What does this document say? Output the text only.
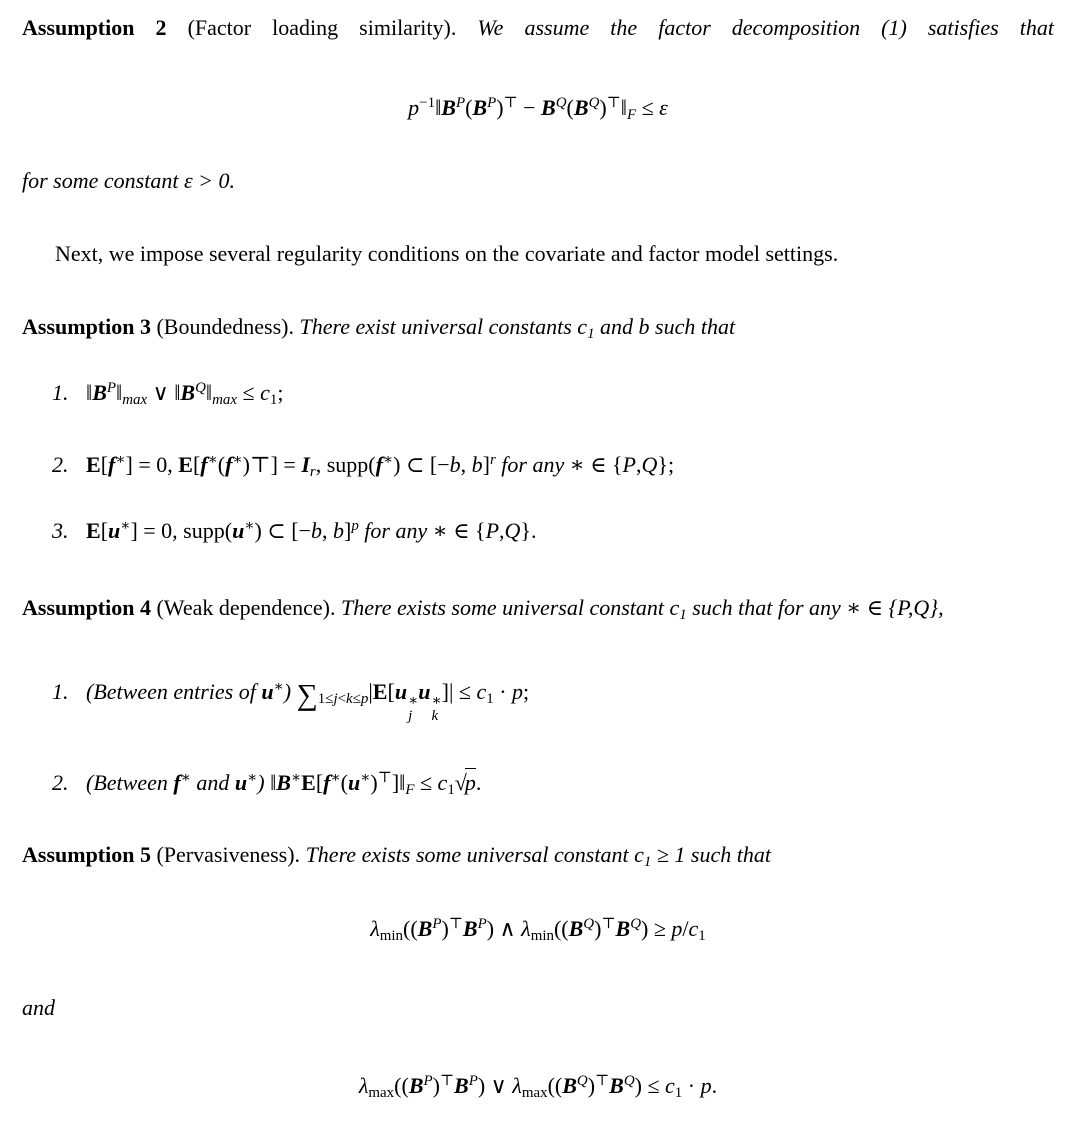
Assumption 2 (Factor loading similarity). We assume the factor decomposition (1) satisfies that

$p^{-1}‖B^P(B^P)^⊤$ − $B^Q(B^Q)^⊤‖_F \le \varepsilon$

for some constant ε > 0.

Next, we impose several regularity conditions on the covariate and factor model settings.

Assumption 3 (Boundedness). There exist universal constants $c_1$ and b such that

1. $‖B^P‖_{max}$ ∨ $‖B^Q‖_{max} \le c_1$;
2. E[f∗] = 0, E[f∗(f∗)⊤] = $I_r$, supp(f∗) ⊂ [−b, b]$^r$ for any ∗ ∈ {P,Q};
3. E[u∗] = 0, supp(u∗) ⊂ [−b, b]$^p$ for any ∗ ∈ {P,Q}.

Assumption 4 (Weak dependence). There exists some universal constant $c_1$ such that for any ∗ ∈ {P,Q},

1. (Between entries of u∗) $\sum_{1\le j<k\le p}|E[u$ ∗
j
u ∗
k
]| ≤ $c_1 \cdot p$;
2. (Between f∗ and u∗) $‖B^∗E[f^∗(u^∗)^⊤]‖_F \le c_1√p$.

Assumption 5 (Pervasiveness). There exists some universal constant $c_1 \ge 1$ such that

$\lambda_{min}((B^P)^⊤B^P)$ ∧ $\lambda_{min}((B^Q)^⊤B^Q) \ge p/c_1$

and

$\lambda_{max}((B^P)^⊤B^P)$ ∨ $\lambda_{max}((B^Q)^⊤B^Q) \le c_1 \cdot p$.
